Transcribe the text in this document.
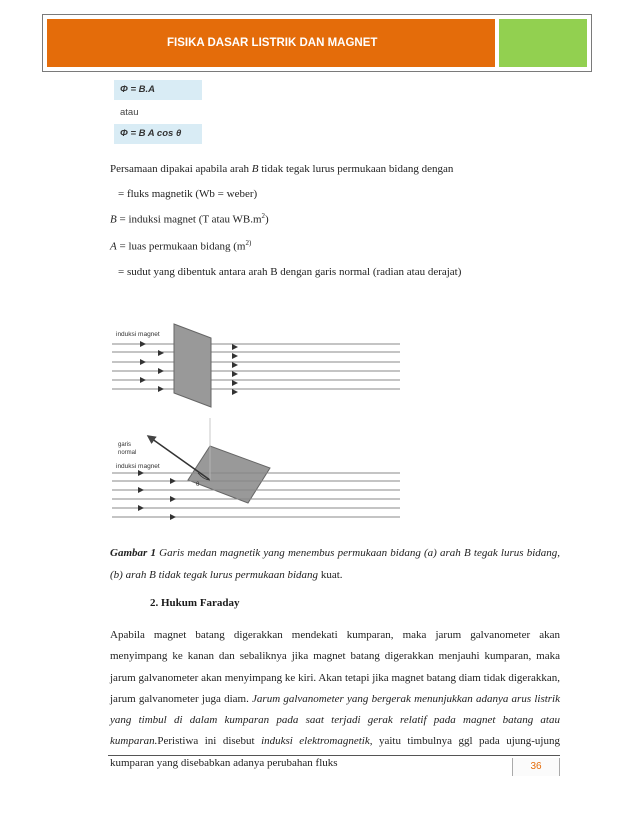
FISIKA DASAR LISTRIK DAN MAGNET
Φ = B.A
atau
Φ = B A cos θ
Persamaan dipakai apabila arah B tidak tegak lurus permukaan bidang dengan
= fluks magnetik (Wb = weber)
B = induksi magnet (T atau $WB.m^2$)
A = luas permukaan bidang ($m^{2)}$
= sudut yang dibentuk antara arah B dengan garis normal (radian atau derajat)
induksi magnet
garis
normal
induksi magnet
θ
Gambar 1 Garis medan magnetik yang menembus permukaan bidang (a) arah B tegak lurus bidang, (b) arah B tidak tegak lurus permukaan bidang kuat.
2. Hukum Faraday
Apabila magnet batang digerakkan mendekati kumparan, maka jarum galvanometer akan menyimpang ke kanan dan sebaliknya jika magnet batang digerakkan menjauhi kumparan, maka jarum galvanometer akan menyimpang ke kiri. Akan tetapi jika magnet batang diam tidak digerakkan, jarum galvanometer juga diam. Jarum galvanometer yang bergerak menunjukkan adanya arus listrik yang timbul di dalam kumparan pada saat terjadi gerak relatif pada magnet batang atau kumparan.Peristiwa ini disebut induksi elektromagnetik, yaitu timbulnya ggl pada ujung-ujung kumparan yang disebabkan adanya perubahan fluks	36
